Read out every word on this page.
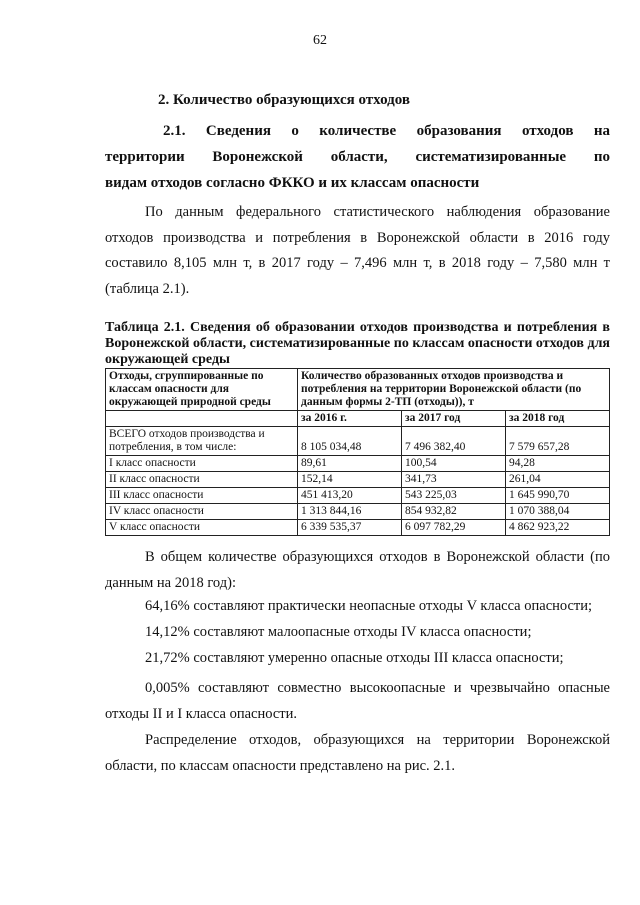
62
2. Количество образующихся отходов
2.1. Сведения о количестве образования отходов на
территории Воронежской области, систематизированные по
видам отходов согласно ФККО и их классам опасности
По данным федерального статистического наблюдения образование отходов производства и потребления в Воронежской области в 2016 году составило 8,105 млн т, в 2017 году – 7,496 млн т, в 2018 году – 7,580 млн т (таблица 2.1).
Таблица 2.1. Сведения об образовании отходов производства и потребления в Воронежской области, систематизированные по классам опасности отходов для окружающей среды
Отходы, сгруппированные по классам опасности для окружающей природной среды	Количество образованных отходов производства и потребления на территории Воронежской области (по данным формы 2-ТП (отходы)), т		
	за 2016 г.	за 2017 год	за 2018 год
ВСЕГО отходов производства и потребления, в том числе:	8 105 034,48	7 496 382,40	7 579 657,28
I класс опасности	89,61	100,54	94,28
II класс опасности	152,14	341,73	261,04
III класс опасности	451 413,20	543 225,03	1 645 990,70
IV класс опасности	1 313 844,16	854 932,82	1 070 388,04
V класс опасности	6 339 535,37	6 097 782,29	4 862 923,22
В общем количестве образующихся отходов в Воронежской области (по данным на 2018 год):
64,16% составляют практически неопасные отходы V класса опасности;
14,12% составляют малоопасные отходы IV класса опасности;
21,72% составляют умеренно опасные отходы III класса опасности;
0,005% составляют совместно высокоопасные и чрезвычайно опасные отходы II и I класса опасности.
Распределение отходов, образующихся на территории Воронежской области, по классам опасности представлено на рис. 2.1.
